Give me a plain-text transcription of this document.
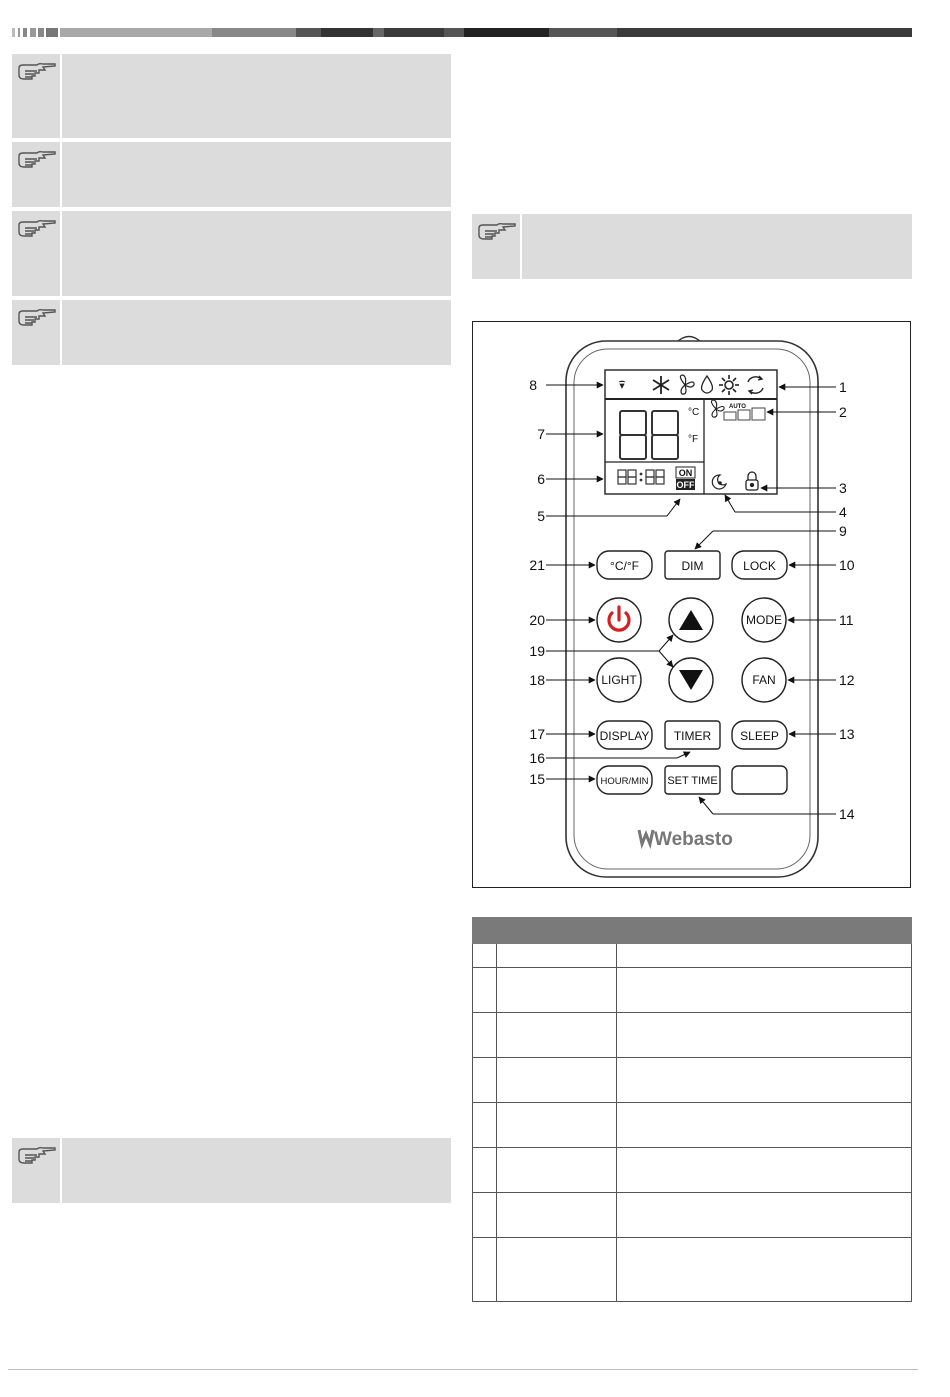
°C
°F
ON
OFF
AUTO
°C/°F	DIM	LOCK
MODE
LIGHT	FAN
DISPLAY TIMER SLEEP
HOUR/MIN SET TIME
Webasto
1
2
3
4
9
10
11
12
13
14
8
7
6
5
21
20
19
18
17
16
15
